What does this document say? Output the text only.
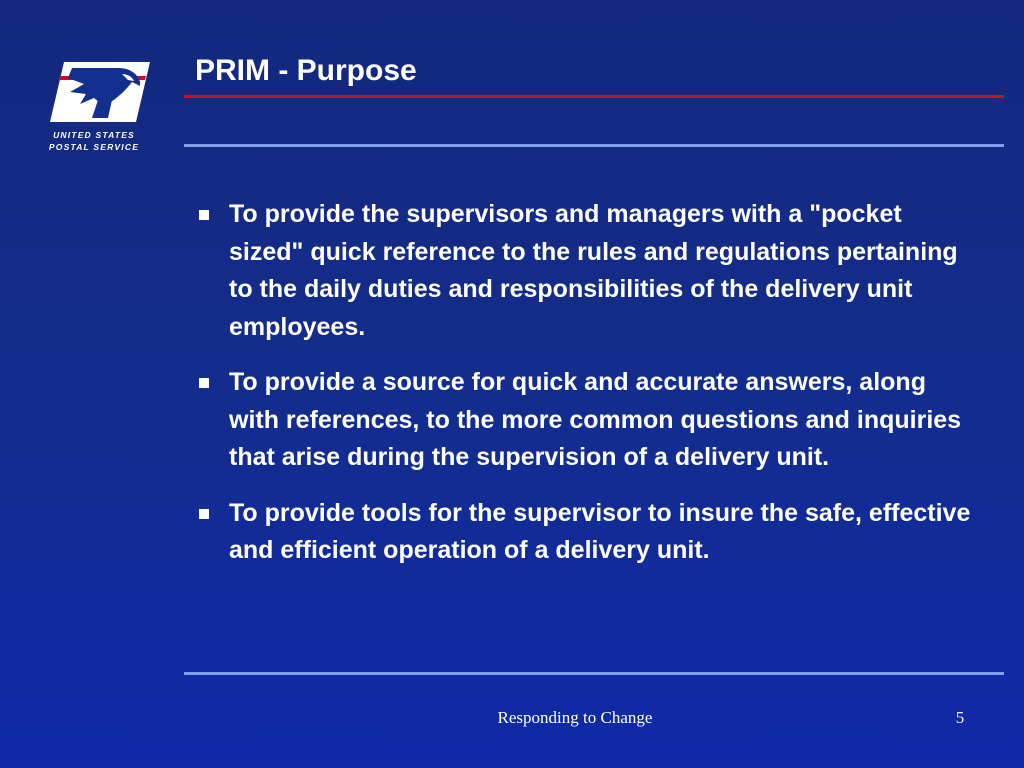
UNITED STATES
POSTAL SERVICE
PRIM - Purpose
To provide the supervisors and managers with a "pocket sized" quick reference to the rules and regulations pertaining to the daily duties and responsibilities of the delivery unit employees.
To provide a source for quick and accurate answers, along with references, to the more common questions and inquiries that arise during the supervision of a delivery unit.
To provide tools for the supervisor to insure the safe, effective and efficient operation of a delivery unit.
Responding to Change	5
